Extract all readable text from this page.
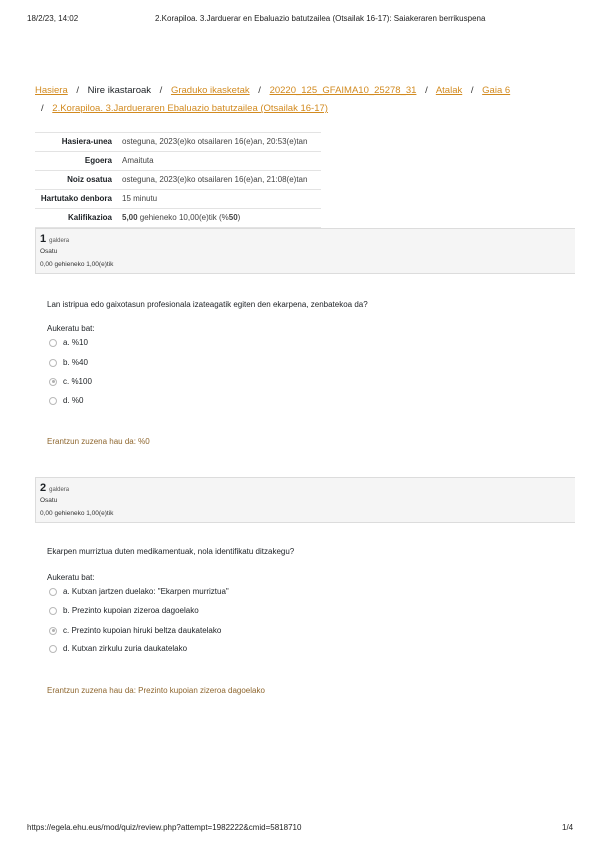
18/2/23, 14:02	2.Korapiloa. 3.Jarduerar en Ebaluazio batutzailea (Otsailak 16-17): Saiakeraren berrikuspena
Hasiera / Nire ikastaroak / Graduko ikasketak / 20220_125_GFAIMA10_25278_31 / Atalak / Gaia 6
/ 2.Korapiloa. 3.Jardueraren Ebaluazio batutzailea (Otsailak 16-17)
Hasiera-unea	osteguna, 2023(e)ko otsailaren 16(e)an, 20:53(e)tan
Egoera	Amaituta
Noiz osatua	osteguna, 2023(e)ko otsailaren 16(e)an, 21:08(e)tan
Hartutako denbora	15 minutu
Kalifikazioa	5,00 gehieneko 10,00(e)tik (%50)
1 galdera
Osatu
0,00 gehieneko 1,00(e)tik
Lan istripua edo gaixotasun profesionala izateagatik egiten den ekarpena, zenbatekoa da?
Aukeratu bat:
a. %10
b. %40
c. %100
d. %0
Erantzun zuzena hau da: %0
2 galdera
Osatu
0,00 gehieneko 1,00(e)tik
Ekarpen murriztua duten medikamentuak, nola identifikatu ditzakegu?
Aukeratu bat:
a. Kutxan jartzen duelako: "Ekarpen murriztua"
b. Prezinto kupoian zizeroa dagoelako
c. Prezinto kupoian hiruki beltza daukatelako
d. Kutxan zirkulu zuria daukatelako
Erantzun zuzena hau da: Prezinto kupoian zizeroa dagoelako
https://egela.ehu.eus/mod/quiz/review.php?attempt=1982222&cmid=5818710	1/4
